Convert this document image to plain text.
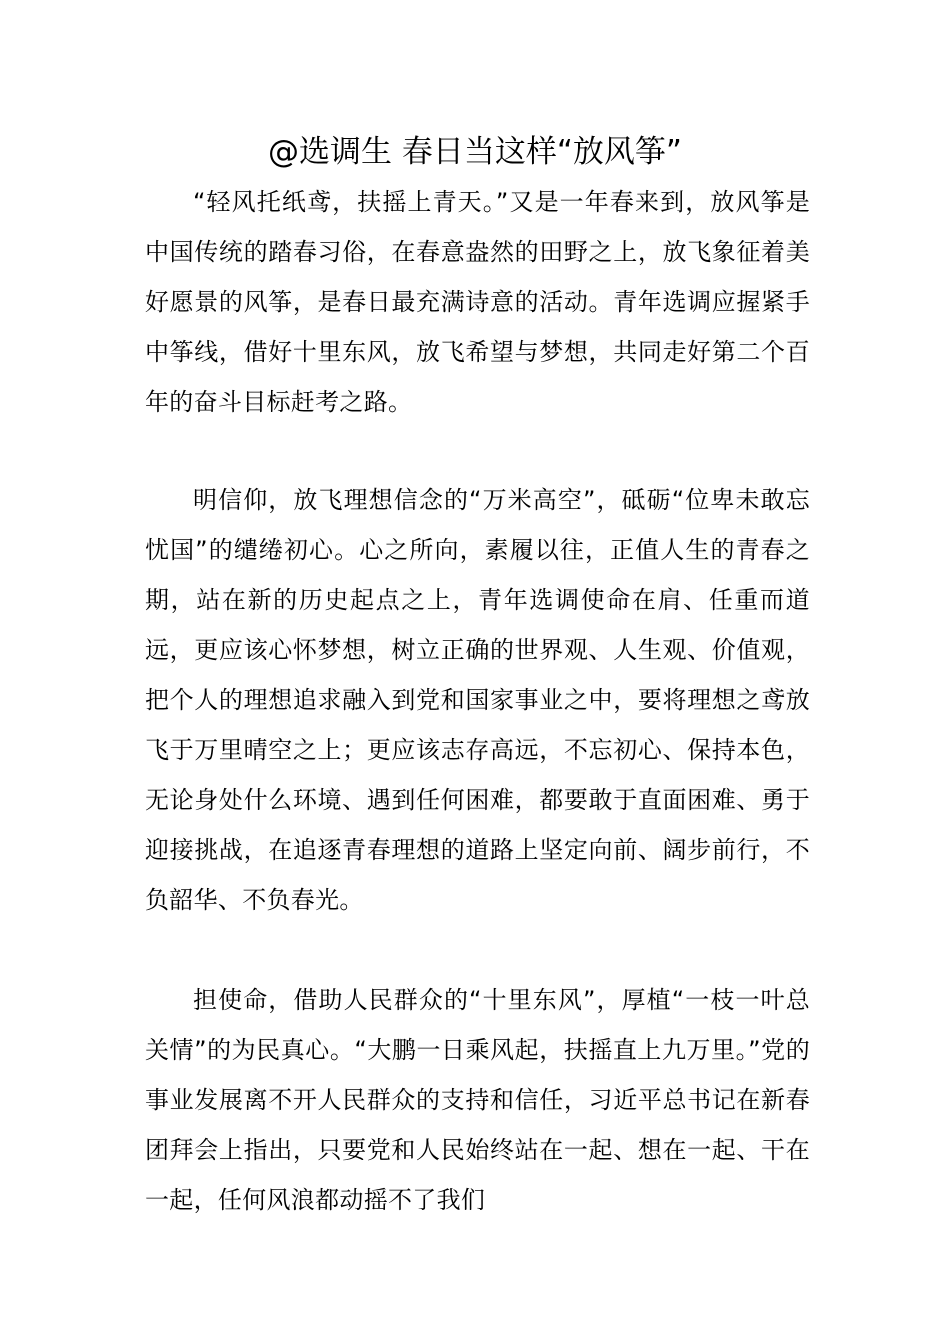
@选调生 春日当这样“放风筝”

“轻风托纸鸢，扶摇上青天。”又是一年春来到，放风筝是中国传统的踏春习俗，在春意盎然的田野之上，放飞象征着美好愿景的风筝，是春日最充满诗意的活动。青年选调应握紧手中筝线，借好十里东风，放飞希望与梦想，共同走好第二个百年的奋斗目标赶考之路。

明信仰，放飞理想信念的“万米高空”，砥砺“位卑未敢忘忧国”的缱绻初心。心之所向，素履以往，正值人生的青春之期，站在新的历史起点之上，青年选调使命在肩、任重而道远，更应该心怀梦想，树立正确的世界观、人生观、价值观，把个人的理想追求融入到党和国家事业之中，要将理想之鸢放飞于万里晴空之上；更应该志存高远，不忘初心、保持本色，无论身处什么环境、遇到任何困难，都要敢于直面困难、勇于迎接挑战，在追逐青春理想的道路上坚定向前、阔步前行，不负韶华、不负春光。

担使命，借助人民群众的“十里东风”，厚植“一枝一叶总关情”的为民真心。“大鹏一日乘风起，扶摇直上九万里。”党的事业发展离不开人民群众的支持和信任，习近平总书记在新春团拜会上指出，只要党和人民始终站在一起、想在一起、干在一起，任何风浪都动摇不了我们
